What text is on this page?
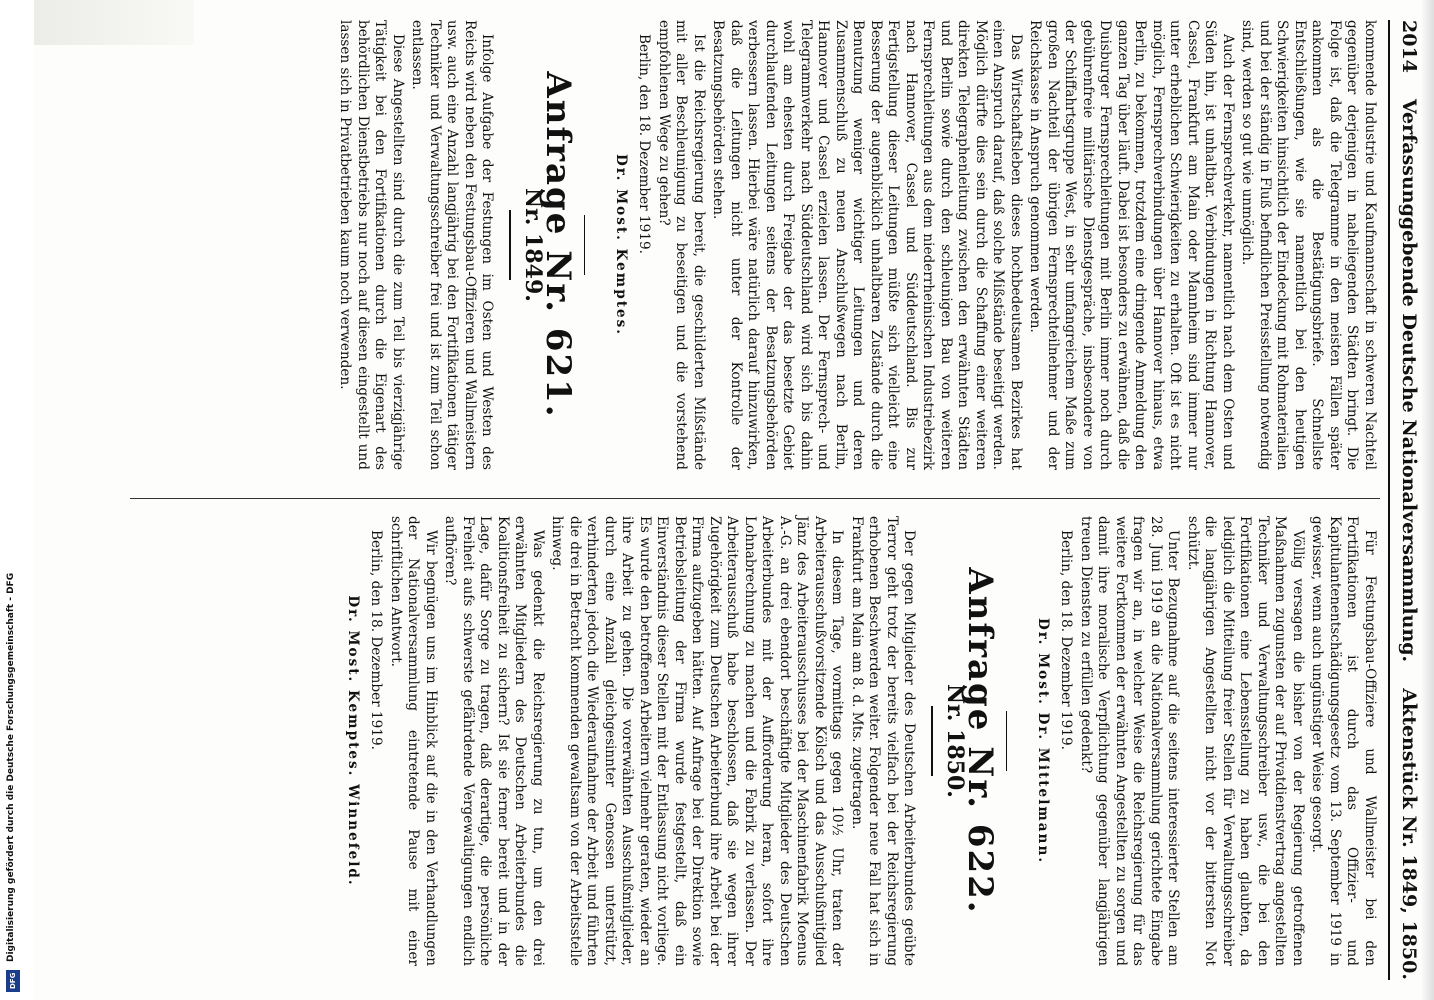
2014
Verfassunggebende Deutsche Nationalversammlung.
Aktenstück Nr. 1849, 1850.

kommende Industrie und Kaufmannschaft in schweren Nachteil gegenüber derjenigen in naheliegenden Städten bringt. Die Folge ist, daß die Telegramme in den meisten Fällen später ankommen als die Bestätigungsbriefe. Schnellste Entschließungen, wie sie namentlich bei den heutigen Schwierigkeiten hinsichtlich der Eindeckung mit Rohmaterialien und bei der ständig in Fluß befindlichen Preisstellung notwendig sind, werden so gut wie unmöglich.

Auch der Fernsprechverkehr, namentlich nach dem Osten und Süden hin, ist unhaltbar. Verbindungen in Richtung Hannover, Cassel, Frankfurt am Main oder Mannheim sind immer nur unter erheblichen Schwierigkeiten zu erhalten. Oft ist es nicht möglich, Fernsprechverbindungen über Hannover hinaus, etwa Berlin, zu bekommen, trotzdem eine dringende Anmeldung den ganzen Tag über läuft. Dabei ist besonders zu erwähnen, daß die Duisburger Fernsprechleitungen mit Berlin immer noch durch gebührenfreie militärische Dienstgespräche, insbesondere von der Schiffahrtsgruppe West, in sehr umfangreichem Maße zum großen Nachteil der übrigen Fernsprechteilnehmer und der Reichskasse in Anspruch genommen werden.

Das Wirtschaftsleben dieses hochbedeutsamen Bezirkes hat einen Anspruch darauf, daß solche Mißstände beseitigt werden. Möglich dürfte dies sein durch die Schaffung einer weiteren direkten Telegraphenleitung zwischen den erwähnten Städten und Berlin sowie durch den schleunigen Bau von weiteren Fernsprechleitungen aus dem niederrheinischen Industriebezirk nach Hannover, Cassel und Süddeutschland. Bis zur Fertigstellung dieser Leitungen müßte sich vielleicht eine Besserung der augenblicklich unhaltbaren Zustände durch die Benutzung weniger wichtiger Leitungen und deren Zusammenschluß zu neuen Anschlußwegen nach Berlin, Hannover und Cassel erzielen lassen. Der Fernsprech- und Telegrammverkehr nach Süddeutschland wird sich bis dahin wohl am ehesten durch Freigabe der das besetzte Gebiet durchlaufenden Leitungen seitens der Besatzungsbehörden verbessern lassen. Hierbei wäre natürlich darauf hinzuwirken, daß die Leitungen nicht unter der Kontrolle der Besatzungsbehörden stehen.

Ist die Reichsregierung bereit, die geschilderten Mißstände mit aller Beschleunigung zu beseitigen und die vorstehend empfohlenen Wege zu gehen?

Berlin, den 18. Dezember 1919.

Dr. Most. Kemptes.
Anfrage Nr. 621.
Nr. 1849.

Infolge Aufgabe der Festungen im Osten und Westen des Reichs wird neben den Festungsbau-Offizieren und Wallmeistern usw. auch eine Anzahl langjährig bei den Fortifikationen tätiger Techniker und Verwaltungsschreiber frei und ist zum Teil schon entlassen.

Diese Angestellten sind durch die zum Teil bis vierzigjährige Tätigkeit bei den Fortifikationen durch die Eigenart des behördlichen Dienstbetriebs nur noch auf diesen eingestellt und lassen sich in Privatbetrieben kaum noch verwenden.

Für Festungsbau-Offiziere und Wallmeister bei den Fortifikationen ist durch das Offizier- und Kapitulantenentschädigungsgesetz vom 13. September 1919 in gewisser, wenn auch ungünstiger Weise gesorgt.

Völlig versagen die bisher von der Regierung getroffenen Maßnahmen zugunsten der auf Privatdienstvertrag angestellten Techniker und Verwaltungsschreiber usw., die bei den Fortifikationen eine Lebensstellung zu haben glaubten, da lediglich die Mitteilung freier Stellen für Verwaltungsschreiber die langjährigen Angestellten nicht vor der bittersten Not schützt.

Unter Bezugnahme auf die seitens interessierter Stellen am 28. Juni 1919 an die Nationalversammlung gerichtete Eingabe fragen wir an, in welcher Weise die Reichsregierung für das weitere Fortkommen der erwähnten Angestellten zu sorgen und damit ihre moralische Verpflichtung gegenüber langjährigen treuen Diensten zu erfüllen gedenkt?

Berlin, den 18. Dezember 1919.

Dr. Most. Dr. Mittelmann.
Anfrage Nr. 622.
Nr. 1850.

Der gegen Mitglieder des Deutschen Arbeiterbundes geübte Terror geht trotz der bereits vielfach bei der Reichsregierung erhobenen Beschwerden weiter. Folgender neue Fall hat sich in Frankfurt am Main am 8. d. Mts. zugetragen.

In diesem Tage, vormittags gegen 10½ Uhr, traten der Arbeiterausschußvorsitzende Kölsch und das Ausschußmitglied Jänz des Arbeiterausschusses bei der Maschinenfabrik Moenus A.-G. an drei ebendort beschäftigte Mitglieder des Deutschen Arbeiterbundes mit der Aufforderung heran, sofort ihre Lohnabrechnung zu machen und die Fabrik zu verlassen. Der Arbeiterausschuß habe beschlossen, daß sie wegen ihrer Zugehörigkeit zum Deutschen Arbeiterbund ihre Arbeit bei der Firma aufzugeben hätten. Auf Anfrage bei der Direktion sowie Betriebsleitung der Firma wurde festgestellt, daß ein Einverständnis dieser Stellen mit der Entlassung nicht vorliege. Es wurde den betroffenen Arbeitern vielmehr geraten, wieder an ihre Arbeit zu gehen. Die vorerwähnten Ausschußmitglieder, durch eine Anzahl gleichgesinnter Genossen unterstützt, verhinderten jedoch die Wiederaufnahme der Arbeit und führten die drei in Betracht kommenden gewaltsam von der Arbeitsstelle hinweg.

Was gedenkt die Reichsregierung zu tun, um den drei erwähnten Mitgliedern des Deutschen Arbeiterbundes die Koalitionsfreiheit zu sichern? Ist sie ferner bereit und in der Lage, dafür Sorge zu tragen, daß derartige, die persönliche Freiheit aufs schwerste gefährdende Vergewaltigungen endlich aufhören?

Wir begnügen uns im Hinblick auf die in den Verhandlungen der Nationalversammlung eintretende Pause mit einer schriftlichen Antwort.

Berlin, den 18. Dezember 1919.

Dr. Most. Kemptes. Winnefeld.
Digitalisierung gefördert durch die Deutsche Forschungsgemeinschaft - DFG
DFG
